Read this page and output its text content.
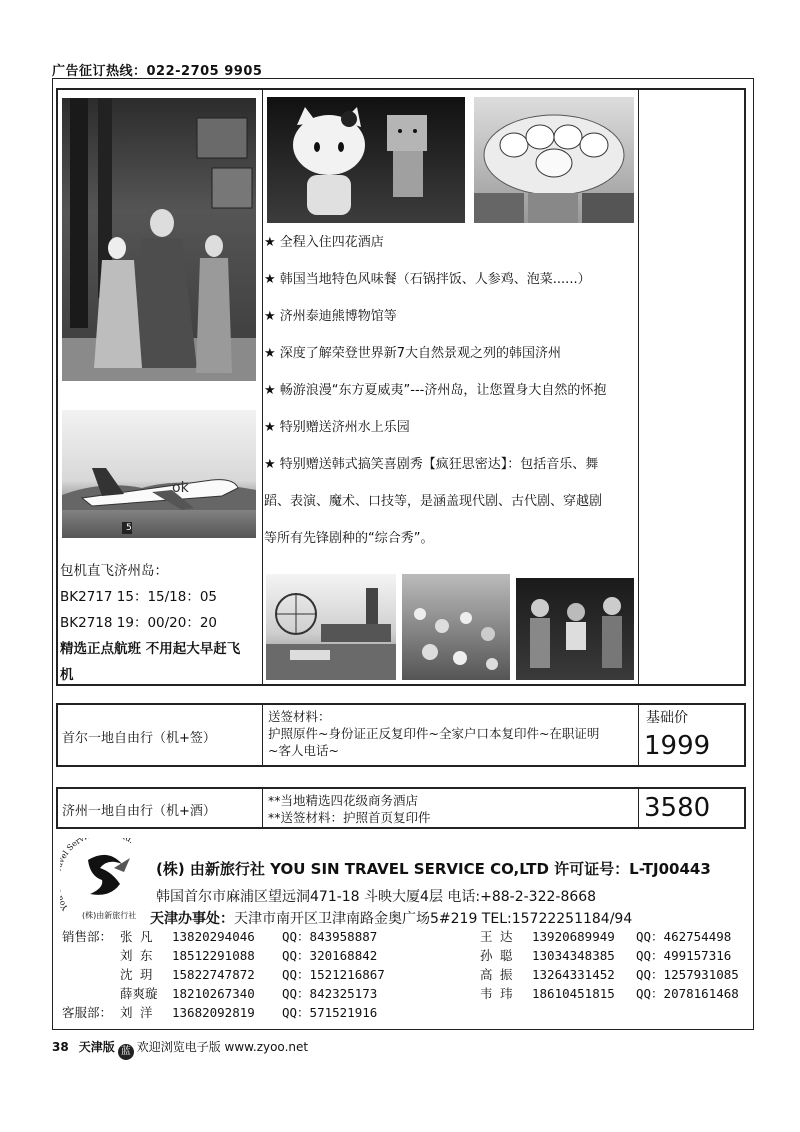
广告征订热线：022-2705 9905
ok
5
包机直飞济州岛：
BK2717 15：15/18：05
BK2718 19：00/20：20
精选正点航班 不用起大早赶飞
机
★ 全程入住四花酒店
★ 韩国当地特色风味餐（石锅拌饭、人参鸡、泡菜......）
★ 济州泰迪熊博物馆等
★ 深度了解荣登世界新7大自然景观之列的韩国济州
★ 畅游浪漫“东方夏威夷”---济州岛，让您置身大自然的怀抱
★ 特别赠送济州水上乐园
★ 特别赠送韩式搞笑喜剧秀【疯狂思密达】：包括音乐、舞
蹈、表演、魔术、口技等，是涵盖现代剧、古代剧、穿越剧
等所有先锋剧种的“综合秀”。
首尔一地自由行（机+签）
送签材料：
护照原件~身份证正反复印件~全家户口本复印件~在职证明
~客人电话~
基础价
1999
济州一地自由行（机+酒）
**当地精选四花级商务酒店
**送签材料：护照首页复印件	3580
Y l Serv d.
(株)由新旅行社
(株) 由新旅行社 YOU SIN TRAVEL SERVICE CO,LTD 许可证号：L-TJ00443
韩国首尔市麻浦区望远洞471-18 斗映大厦4层 电话:+88-2-322-8668
天津办事处：天津市南开区卫津南路金奥广场5#219 TEL:15722251184/94
销售部： 张 凡 13820294046 QQ：843958887
刘 东 18512291088 QQ：320168842
沈 玥 15822747872 QQ：1521216867
薛爽璇 18210267340 QQ：842325173
客服部： 刘 洋 13682092819 QQ：571521916
王 达 13920689949 QQ：462754498
孙 聪 13034348385 QQ：499157316
高 振 13264331452 QQ：1257931085
韦 玮 18610451815 QQ：2078161468
38 天津版 蓝 欢迎浏览电子版 www.zyoo.net
